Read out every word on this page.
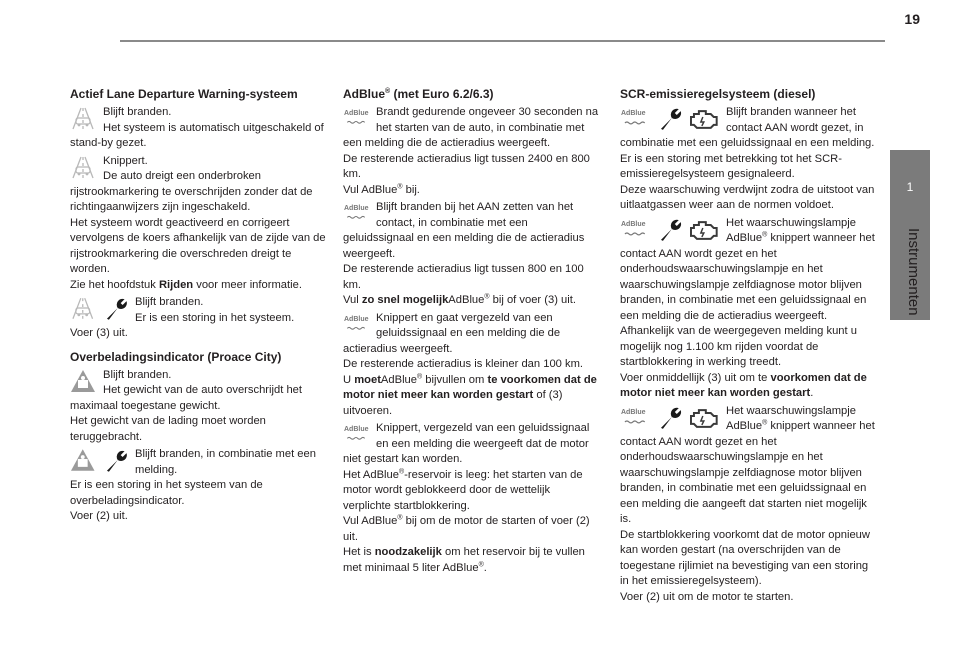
19
1
Instrumenten
Actief Lane Departure Warning-systeem

Blijft branden.

Het systeem is automatisch uitgeschakeld of stand-by gezet.

Knippert.

De auto dreigt een onderbroken rijstrookmarkering te overschrijden zonder dat de richtingaanwijzers zijn ingeschakeld.

Het systeem wordt geactiveerd en corrigeert vervolgens de koers afhankelijk van de zijde van de rijstrookmarkering die overschreden dreigt te worden.

Zie het hoofdstuk Rijden voor meer informatie.

Blijft branden.

Er is een storing in het systeem.

Voer (3) uit.

Overbeladingsindicator (Proace City)

Blijft branden.

Het gewicht van de auto overschrijdt het maximaal toegestane gewicht.

Het gewicht van de lading moet worden teruggebracht.

Blijft branden, in combinatie met een melding.

Er is een storing in het systeem van de overbeladingsindicator.

Voer (2) uit.

AdBlue® (met Euro 6.2/6.3)
AdBlue Brandt gedurende ongeveer 30 seconden na het starten van de auto, in combinatie met een melding die de actieradius weergeeft.

De resterende actieradius ligt tussen 2400 en 800 km.

Vul AdBlue® bij.

AdBlue Blijft branden bij het AAN zetten van het contact, in combinatie met een geluidssignaal en een melding die de actieradius weergeeft.

De resterende actieradius ligt tussen 800 en 100 km.

Vul zo snel mogelijkAdBlue® bij of voer (3) uit.

AdBlue Knippert en gaat vergezeld van een geluidssignaal en een melding die de actieradius weergeeft.

De resterende actieradius is kleiner dan 100 km.

U moetAdBlue® bijvullen om te voorkomen dat de motor niet meer kan worden gestart of (3) uitvoeren.

AdBlue Knippert, vergezeld van een geluidssignaal en een melding die weergeeft dat de motor niet gestart kan worden.

Het AdBlue®-reservoir is leeg: het starten van de motor wordt geblokkeerd door de wettelijk verplichte startblokkering.

Vul AdBlue® bij om de motor de starten of voer (2) uit.

Het is noodzakelijk om het reservoir bij te vullen met minimaal 5 liter AdBlue®.

SCR-emissieregelsysteem (diesel)
AdBlue	Blijft branden wanneer het contact AAN wordt gezet, in combinatie met een geluidssignaal en een melding.

Er is een storing met betrekking tot het SCR-emissieregelsysteem gesignaleerd.

Deze waarschuwing verdwijnt zodra de uitstoot van uitlaatgassen weer aan de normen voldoet.

AdBlue	Het waarschuwingslampje AdBlue® knippert wanneer het contact AAN wordt gezet en het onderhoudswaarschuwingslampje en het waarschuwingslampje zelfdiagnose motor blijven branden, in combinatie met een geluidssignaal en een melding die de actieradius weergeeft.

Afhankelijk van de weergegeven melding kunt u mogelijk nog 1.100 km rijden voordat de startblokkering in werking treedt.

Voer onmiddellijk (3) uit om te voorkomen dat de motor niet meer kan worden gestart.

AdBlue	Het waarschuwingslampje AdBlue® knippert wanneer het contact AAN wordt gezet en het onderhoudswaarschuwingslampje en het waarschuwingslampje zelfdiagnose motor blijven branden, in combinatie met een geluidssignaal en een melding die aangeeft dat starten niet mogelijk is.

De startblokkering voorkomt dat de motor opnieuw kan worden gestart (na overschrijden van de toegestane rijlimiet na bevestiging van een storing in het emissieregelsysteem).

Voer (2) uit om de motor te starten.
